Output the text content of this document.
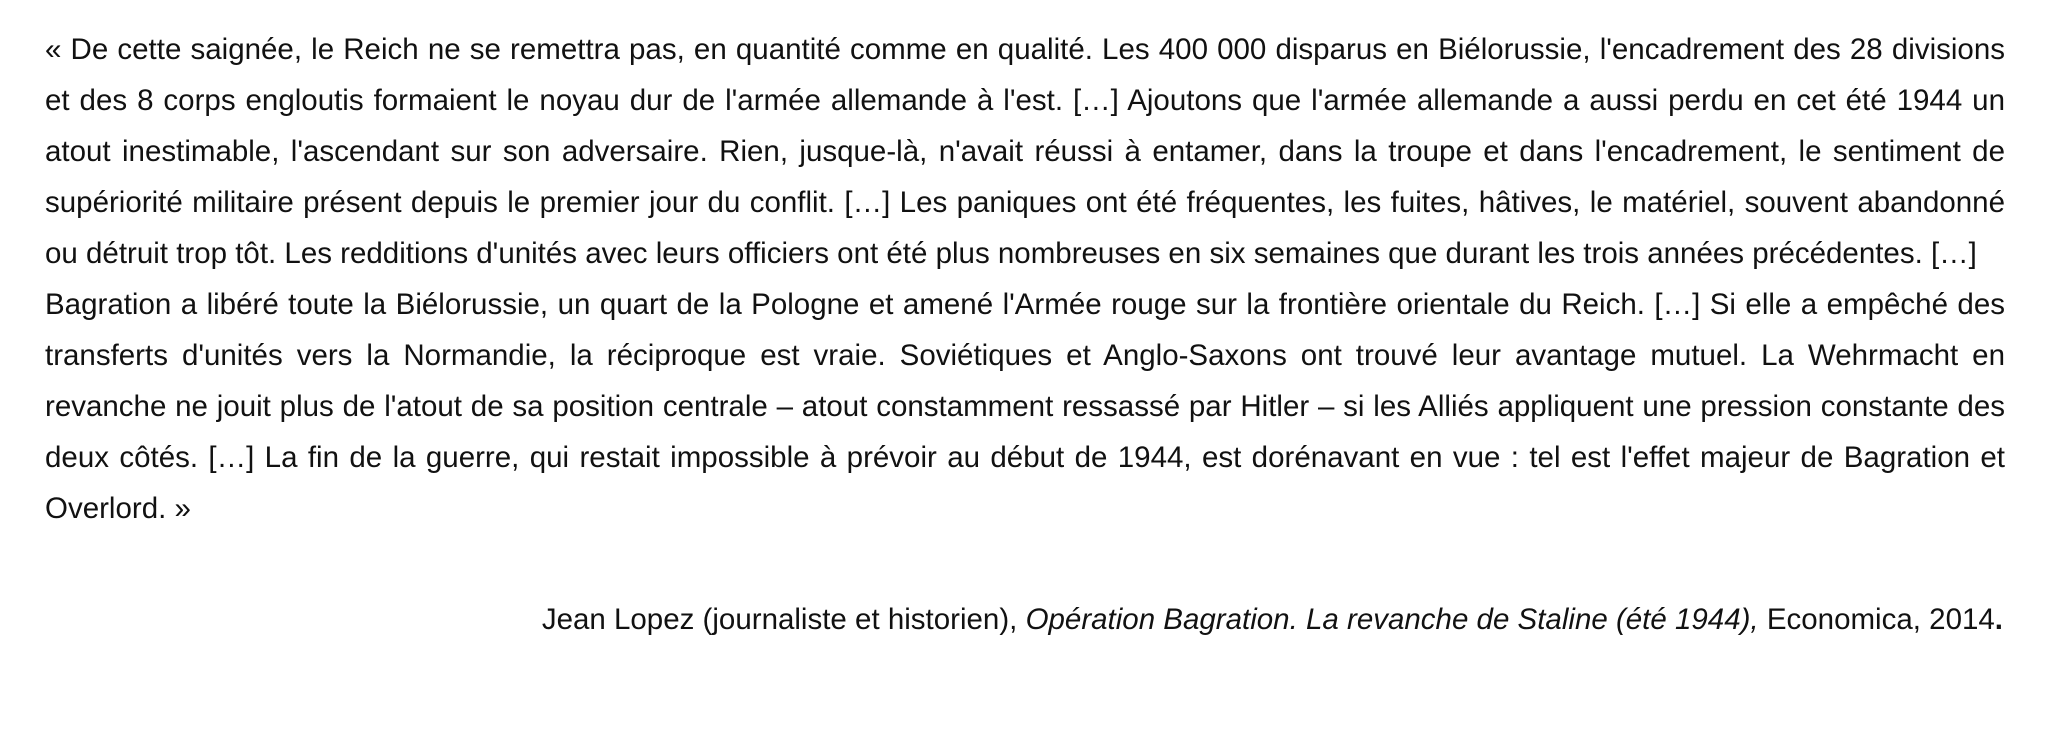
« De cette saignée, le Reich ne se remettra pas, en quantité comme en qualité. Les 400 000 disparus en Biélorussie, l'encadrement des 28 divisions et des 8 corps engloutis formaient le noyau dur de l'armée allemande à l'est. […] Ajoutons que l'armée allemande a aussi perdu en cet été 1944 un atout inestimable, l'ascendant sur son adversaire. Rien, jusque-là, n'avait réussi à entamer, dans la troupe et dans l'encadrement, le sentiment de supériorité militaire présent depuis le premier jour du conflit. […] Les paniques ont été fréquentes, les fuites, hâtives, le matériel, souvent abandonné ou détruit trop tôt. Les redditions d'unités avec leurs officiers ont été plus nombreuses en six semaines que durant les trois années précédentes. […]

Bagration a libéré toute la Biélorussie, un quart de la Pologne et amené l'Armée rouge sur la frontière orientale du Reich. […] Si elle a empêché des transferts d'unités vers la Normandie, la réciproque est vraie. Soviétiques et Anglo-Saxons ont trouvé leur avantage mutuel. La Wehrmacht en revanche ne jouit plus de l'atout de sa position centrale – atout constamment ressassé par Hitler – si les Alliés appliquent une pression constante des deux côtés. […] La fin de la guerre, qui restait impossible à prévoir au début de 1944, est dorénavant en vue : tel est l'effet majeur de Bagration et Overlord. »

Jean Lopez (journaliste et historien), Opération Bagration. La revanche de Staline (été 1944), Economica, 2014.
